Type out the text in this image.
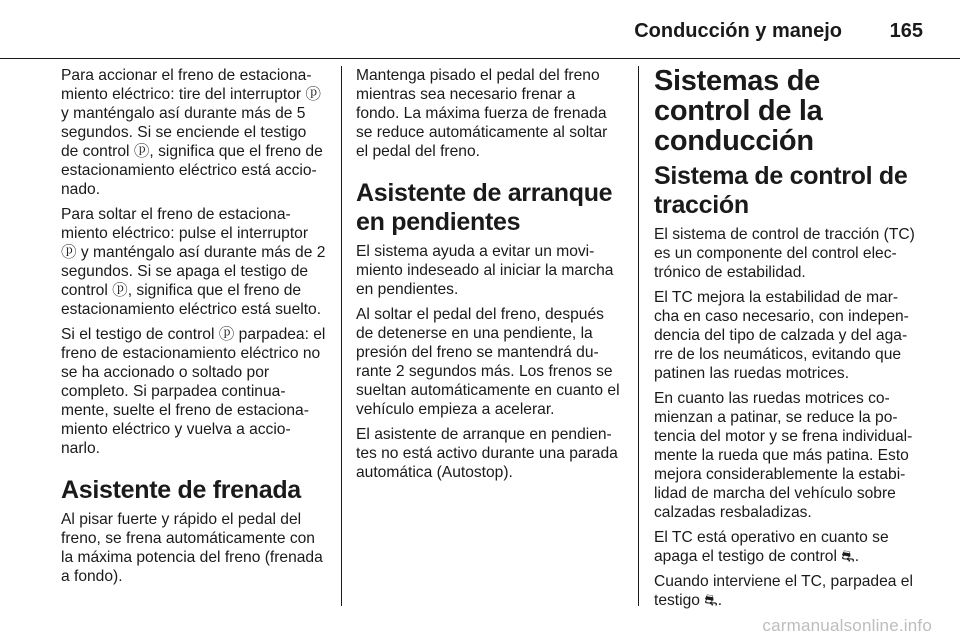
Conducción y manejo 165

Para accionar el freno de estaciona-miento eléctrico: tire del interruptor ⓟ y manténgalo así durante más de 5 segundos. Si se enciende el testigo de control ⓟ, significa que el freno de estacionamiento eléctrico está accio-nado.

Para soltar el freno de estaciona-miento eléctrico: pulse el interruptor ⓟ y manténgalo así durante más de 2 segundos. Si se apaga el testigo de control ⓟ, significa que el freno de estacionamiento eléctrico está suelto.

Si el testigo de control ⓟ parpadea: el freno de estacionamiento eléctrico no se ha accionado o soltado por completo. Si parpadea continua-mente, suelte el freno de estaciona-miento eléctrico y vuelva a accio-narlo.

Asistente de frenada

Al pisar fuerte y rápido el pedal del freno, se frena automáticamente con la máxima potencia del freno (frenada a fondo).

Mantenga pisado el pedal del freno mientras sea necesario frenar a fondo. La máxima fuerza de frenada se reduce automáticamente al soltar el pedal del freno.

Asistente de arranque en pendientes

El sistema ayuda a evitar un movi-miento indeseado al iniciar la marcha en pendientes.

Al soltar el pedal del freno, después de detenerse en una pendiente, la presión del freno se mantendrá du-rante 2 segundos más. Los frenos se sueltan automáticamente en cuanto el vehículo empieza a acelerar.

El asistente de arranque en pendien-tes no está activo durante una parada automática (Autostop).

Sistemas de control de la conducción
Sistema de control de tracción

El sistema de control de tracción (TC) es un componente del control elec-trónico de estabilidad.

El TC mejora la estabilidad de mar-cha en caso necesario, con indepen-dencia del tipo de calzada y del aga-rre de los neumáticos, evitando que patinen las ruedas motrices.

En cuanto las ruedas motrices co-mienzan a patinar, se reduce la po-tencia del motor y se frena individual-mente la rueda que más patina. Esto mejora considerablemente la estabi-lidad de marcha del vehículo sobre calzadas resbaladizas.

El TC está operativo en cuanto se apaga el testigo de control ⛐.

Cuando interviene el TC, parpadea el testigo ⛐.

carmanualsonline.info
